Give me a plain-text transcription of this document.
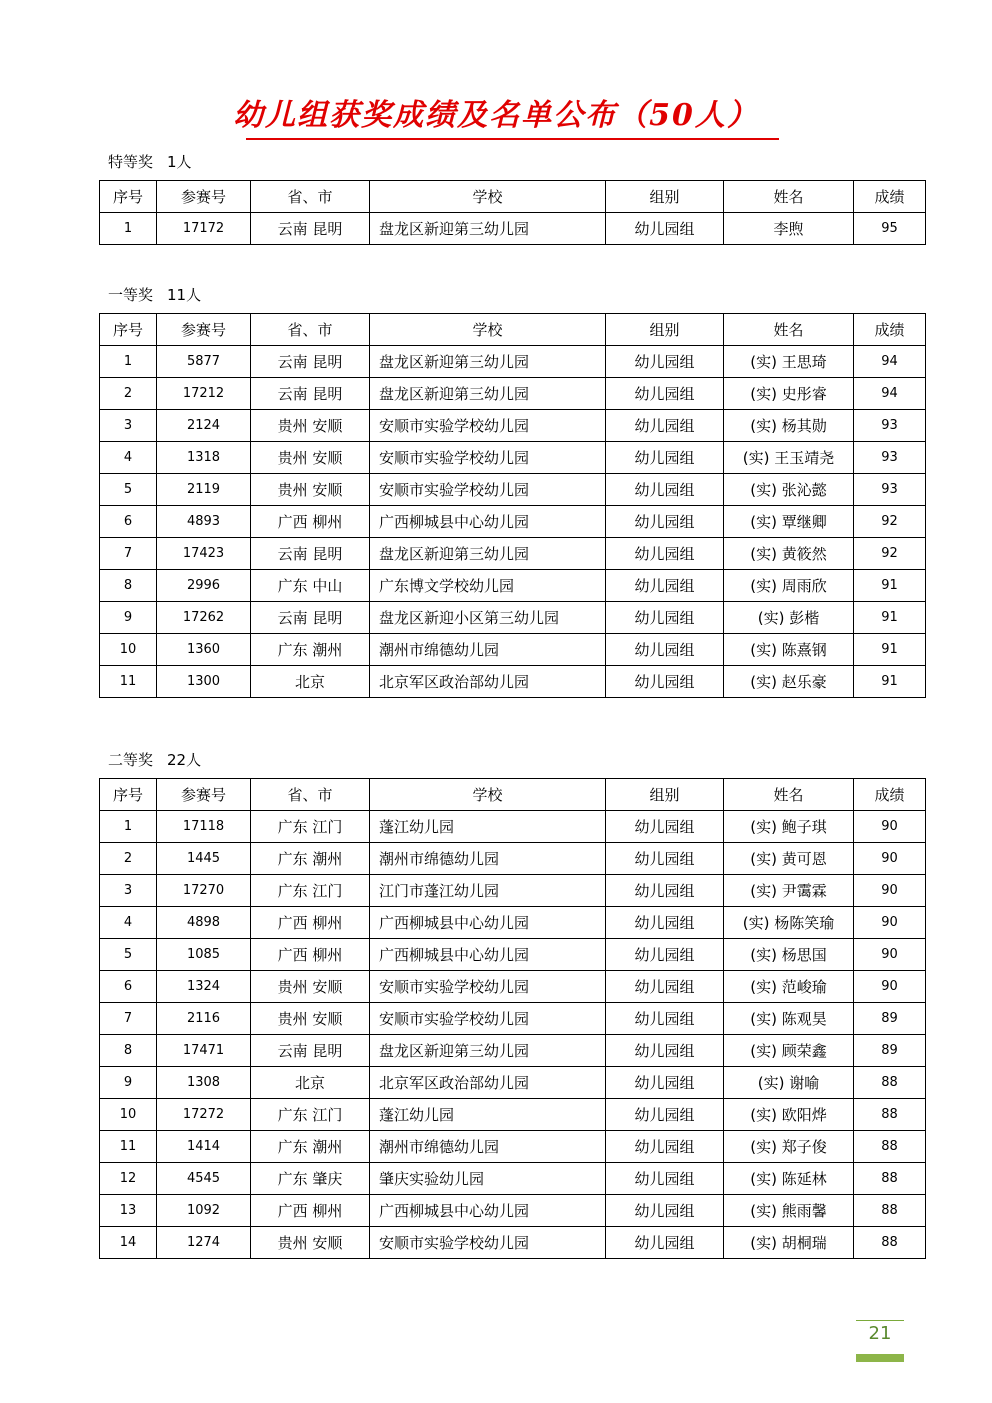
幼儿组获奖成绩及名单公布（50人）
特等奖 1人
序号	参赛号	省、市	学校	组别	姓名	成绩
1	17172	云南 昆明	盘龙区新迎第三幼儿园	幼儿园组	李煦	95
一等奖 11人
序号	参赛号	省、市	学校	组别	姓名	成绩
1	5877	云南 昆明	盘龙区新迎第三幼儿园	幼儿园组	(实) 王思琦	94
2	17212	云南 昆明	盘龙区新迎第三幼儿园	幼儿园组	(实) 史彤睿	94
3	2124	贵州 安顺	安顺市实验学校幼儿园	幼儿园组	(实) 杨其勋	93
4	1318	贵州 安顺	安顺市实验学校幼儿园	幼儿园组	(实) 王玉靖尧	93
5	2119	贵州 安顺	安顺市实验学校幼儿园	幼儿园组	(实) 张沁懿	93
6	4893	广西 柳州	广西柳城县中心幼儿园	幼儿园组	(实) 覃继卿	92
7	17423	云南 昆明	盘龙区新迎第三幼儿园	幼儿园组	(实) 黄筱然	92
8	2996	广东 中山	广东博文学校幼儿园	幼儿园组	(实) 周雨欣	91
9	17262	云南 昆明	盘龙区新迎小区第三幼儿园	幼儿园组	(实) 彭楷	91
10	1360	广东 潮州	潮州市绵德幼儿园	幼儿园组	(实) 陈熹钢	91
11	1300	北京	北京军区政治部幼儿园	幼儿园组	(实) 赵乐豪	91
二等奖 22人
序号	参赛号	省、市	学校	组别	姓名	成绩
1	17118	广东 江门	蓬江幼儿园	幼儿园组	(实) 鲍子琪	90
2	1445	广东 潮州	潮州市绵德幼儿园	幼儿园组	(实) 黄可恩	90
3	17270	广东 江门	江门市蓬江幼儿园	幼儿园组	(实) 尹霭霖	90
4	4898	广西 柳州	广西柳城县中心幼儿园	幼儿园组	(实) 杨陈笑瑜	90
5	1085	广西 柳州	广西柳城县中心幼儿园	幼儿园组	(实) 杨思国	90
6	1324	贵州 安顺	安顺市实验学校幼儿园	幼儿园组	(实) 范峻瑜	90
7	2116	贵州 安顺	安顺市实验学校幼儿园	幼儿园组	(实) 陈观昊	89
8	17471	云南 昆明	盘龙区新迎第三幼儿园	幼儿园组	(实) 顾荣鑫	89
9	1308	北京	北京军区政治部幼儿园	幼儿园组	(实) 谢喻	88
10	17272	广东 江门	蓬江幼儿园	幼儿园组	(实) 欧阳烨	88
11	1414	广东 潮州	潮州市绵德幼儿园	幼儿园组	(实) 郑子俊	88
12	4545	广东 肇庆	肇庆实验幼儿园	幼儿园组	(实) 陈延林	88
13	1092	广西 柳州	广西柳城县中心幼儿园	幼儿园组	(实) 熊雨馨	88
14	1274	贵州 安顺	安顺市实验学校幼儿园	幼儿园组	(实) 胡桐瑞	88
21
